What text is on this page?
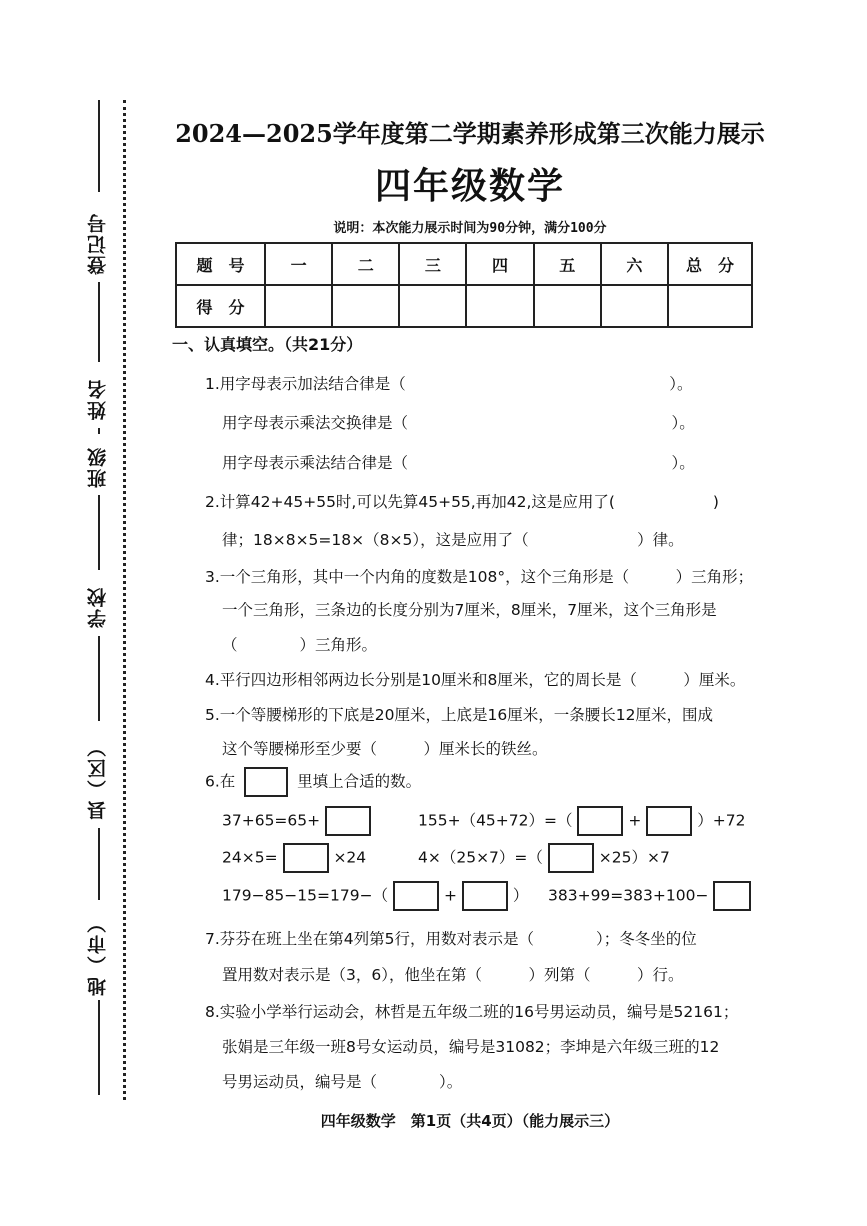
登记号
姓名
班级
学校
县（区）
地（市）
2024—2025学年度第二学期素养形成第三次能力展示
四年级数学
说明：本次能力展示时间为90分钟，满分100分
题　号	一	二	三	四	五	六	总　分
得　分							
一、认真填空。（共21分）
1.用字母表示加法结合律是（　　　　　　　　　　　　　　　　　）。
用字母表示乘法交换律是（　　　　　　　　　　　　　　　　　）。
用字母表示乘法结合律是（　　　　　　　　　　　　　　　　　）。
2.计算42+45+55时,可以先算45+55,再加42,这是应用了(　　　　　　 )
律；18×8×5=18×（8×5），这是应用了（　　　　　　　）律。
3.一个三角形，其中一个内角的度数是108°，这个三角形是（　　　）三角形；
一个三角形，三条边的长度分别为7厘米，8厘米，7厘米，这个三角形是
（　　　　）三角形。
4.平行四边形相邻两边长分别是10厘米和8厘米，它的周长是（　　　）厘米。
5.一个等腰梯形的下底是20厘米，上底是16厘米，一条腰长12厘米，围成
这个等腰梯形至少要（　　　）厘米长的铁丝。
6.在	里填上合适的数。
37+65=65+	155+（45+72）=（	+	）+72
24×5=	×24	4×（25×7）=（	×25）×7
179−85−15=179−（	+	） 383+99=383+100−
7.芬芬在班上坐在第4列第5行，用数对表示是（　　　　）；冬冬坐的位
置用数对表示是（3，6），他坐在第（　　　）列第（　　　）行。
8.实验小学举行运动会，林哲是五年级二班的16号男运动员，编号是52161；
张娟是三年级一班8号女运动员，编号是31082；李坤是六年级三班的12
号男运动员，编号是（　　　　）。
四年级数学　第1页（共4页）（能力展示三）
